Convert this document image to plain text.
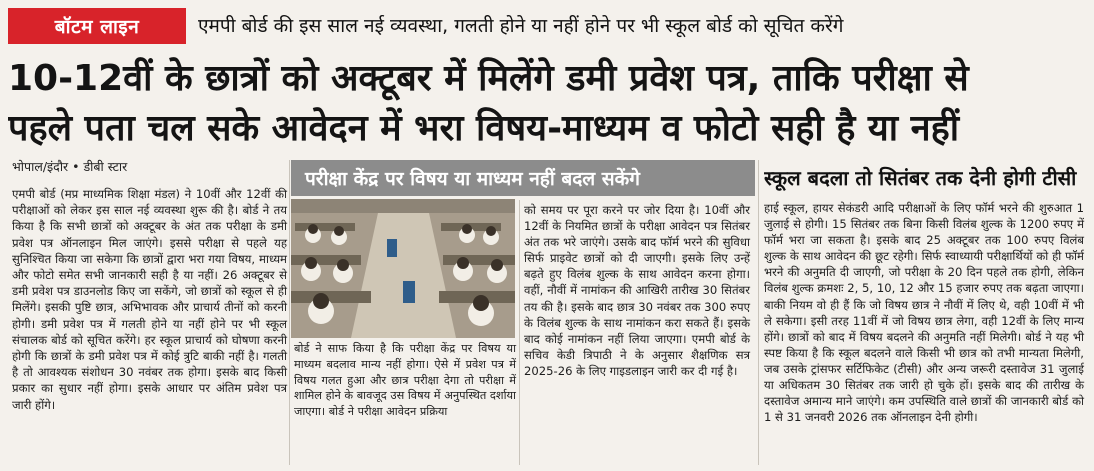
बॉटम लाइन	एमपी बोर्ड की इस साल नई व्यवस्था, गलती होने या नहीं होने पर भी स्कूल बोर्ड को सूचित करेंगे
10-12वीं के छात्रों को अक्टूबर में मिलेंगे डमी प्रवेश पत्र, ताकि परीक्षा से
पहले पता चल सके आवेदन में भरा विषय-माध्यम व फोटो सही है या नहीं
भोपाल/इंदौर • डीबी स्टार
एमपी बोर्ड (मप्र माध्यमिक शिक्षा मंडल) ने 10वीं और 12वीं की परीक्षाओं को लेकर इस साल नई व्यवस्था शुरू की है। बोर्ड ने तय किया है कि सभी छात्रों को अक्टूबर के अंत तक परीक्षा के डमी प्रवेश पत्र ऑनलाइन मिल जाएंगे। इससे परीक्षा से पहले यह सुनिश्चित किया जा सकेगा कि छात्रों द्वारा भरा गया विषय, माध्यम और फोटो समेत सभी जानकारी सही है या नहीं। 26 अक्टूबर से डमी प्रवेश पत्र डाउनलोड किए जा सकेंगे, जो छात्रों को स्कूल से ही मिलेंगे। इसकी पुष्टि छात्र, अभिभावक और प्राचार्य तीनों को करनी होगी। डमी प्रवेश पत्र में गलती होने या नहीं होने पर भी स्कूल संचालक बोर्ड को सूचित करेंगे। हर स्कूल प्राचार्य को घोषणा करनी होगी कि छात्रों के डमी प्रवेश पत्र में कोई त्रुटि बाकी नहीं है। गलती है तो आवश्यक संशोधन 30 नवंबर तक होगा। इसके बाद किसी प्रकार का सुधार नहीं होगा। इसके आधार पर अंतिम प्रवेश पत्र जारी होंगे।
परीक्षा केंद्र पर विषय या माध्यम नहीं बदल सकेंगे
बोर्ड ने साफ किया है कि परीक्षा केंद्र पर विषय या माध्यम बदलाव मान्य नहीं होगा। ऐसे में प्रवेश पत्र में विषय गलत हुआ और छात्र परीक्षा देगा तो परीक्षा में शामिल होने के बावजूद उस विषय में अनुपस्थित दर्शाया जाएगा। बोर्ड ने परीक्षा आवेदन प्रक्रिया
को समय पर पूरा करने पर जोर दिया है। 10वीं और 12वीं के नियमित छात्रों के परीक्षा आवेदन पत्र सितंबर अंत तक भरे जाएंगे। उसके बाद फॉर्म भरने की सुविधा सिर्फ प्राइवेट छात्रों को दी जाएगी। इसके लिए उन्हें बढ़ते हुए विलंब शुल्क के साथ आवेदन करना होगा। वहीं, नौवीं में नामांकन की आखिरी तारीख 30 सितंबर तय की है। इसके बाद छात्र 30 नवंबर तक 300 रुपए के विलंब शुल्क के साथ नामांकन करा सकते हैं। इसके बाद कोई नामांकन नहीं लिया जाएगा। एमपी बोर्ड के सचिव केडी त्रिपाठी ने के अनुसार शैक्षणिक सत्र 2025-26 के लिए गाइडलाइन जारी कर दी गई है।
स्कूल बदला तो सितंबर तक देनी होगी टीसी
हाई स्कूल, हायर सेकंडरी आदि परीक्षाओं के लिए फॉर्म भरने की शुरुआत 1 जुलाई से होगी। 15 सितंबर तक बिना किसी विलंब शुल्क के 1200 रुपए में फॉर्म भरा जा सकता है। इसके बाद 25 अक्टूबर तक 100 रुपए विलंब शुल्क के साथ आवेदन की छूट रहेगी। सिर्फ स्वाध्यायी परीक्षार्थियों को ही फॉर्म भरने की अनुमति दी जाएगी, जो परीक्षा के 20 दिन पहले तक होगी, लेकिन विलंब शुल्क क्रमशः 2, 5, 10, 12 और 15 हजार रुपए तक बढ़ता जाएगा। बाकी नियम वो ही हैं कि जो विषय छात्र ने नौवीं में लिए थे, वही 10वीं में भी ले सकेगा। इसी तरह 11वीं में जो विषय छात्र लेगा, वही 12वीं के लिए मान्य होंगे। छात्रों को बाद में विषय बदलने की अनुमति नहीं मिलेगी। बोर्ड ने यह भी स्पष्ट किया है कि स्कूल बदलने वाले किसी भी छात्र को तभी मान्यता मिलेगी, जब उसके ट्रांसफर सर्टिफिकेट (टीसी) और अन्य जरूरी दस्तावेज 31 जुलाई या अधिकतम 30 सितंबर तक जारी हो चुके हों। इसके बाद की तारीख के दस्तावेज अमान्य माने जाएंगे। कम उपस्थिति वाले छात्रों की जानकारी बोर्ड को 1 से 31 जनवरी 2026 तक ऑनलाइन देनी होगी।
